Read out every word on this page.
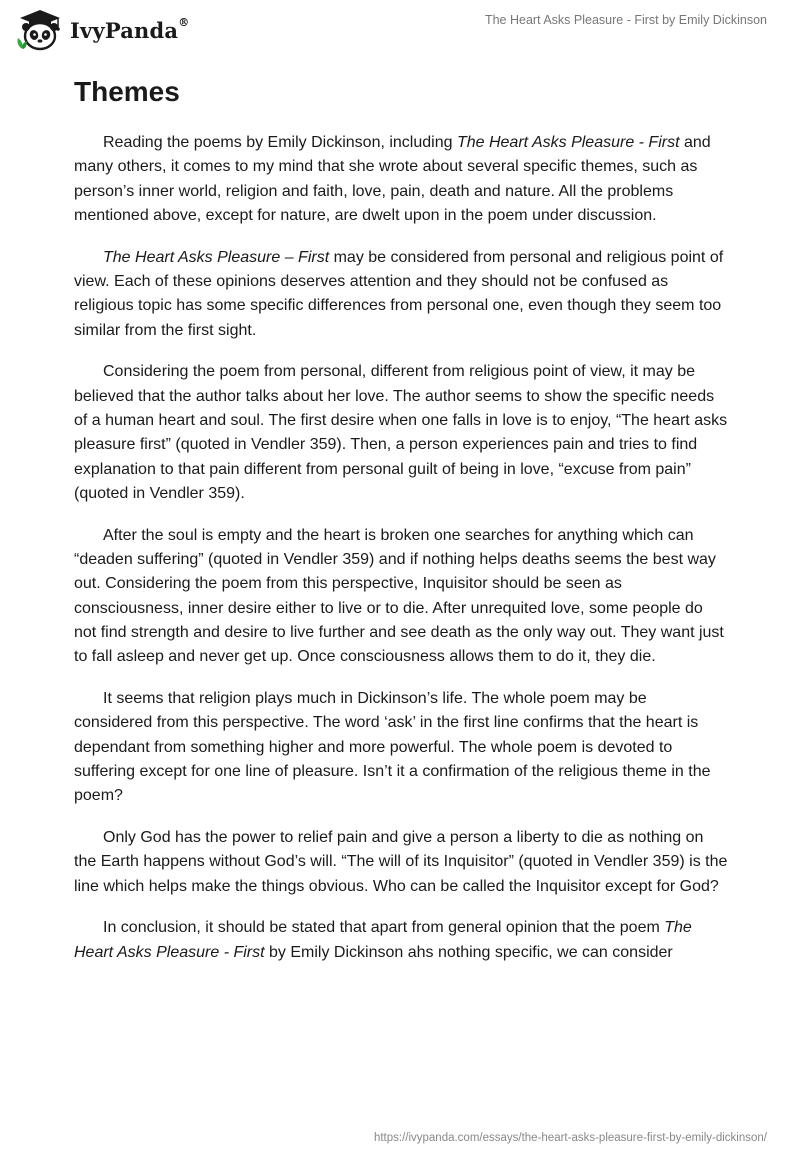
IvyPanda®	The Heart Asks Pleasure - First by Emily Dickinson
Themes

Reading the poems by Emily Dickinson, including The Heart Asks Pleasure - First and many others, it comes to my mind that she wrote about several specific themes, such as person’s inner world, religion and faith, love, pain, death and nature. All the problems mentioned above, except for nature, are dwelt upon in the poem under discussion.

The Heart Asks Pleasure – First may be considered from personal and religious point of view. Each of these opinions deserves attention and they should not be confused as religious topic has some specific differences from personal one, even though they seem too similar from the first sight.

Considering the poem from personal, different from religious point of view, it may be believed that the author talks about her love. The author seems to show the specific needs of a human heart and soul. The first desire when one falls in love is to enjoy, “The heart asks pleasure first” (quoted in Vendler 359). Then, a person experiences pain and tries to find explanation to that pain different from personal guilt of being in love, “excuse from pain” (quoted in Vendler 359).

After the soul is empty and the heart is broken one searches for anything which can “deaden suffering” (quoted in Vendler 359) and if nothing helps deaths seems the best way out. Considering the poem from this perspective, Inquisitor should be seen as consciousness, inner desire either to live or to die. After unrequited love, some people do not find strength and desire to live further and see death as the only way out. They want just to fall asleep and never get up. Once consciousness allows them to do it, they die.

It seems that religion plays much in Dickinson’s life. The whole poem may be considered from this perspective. The word ‘ask’ in the first line confirms that the heart is dependant from something higher and more powerful. The whole poem is devoted to suffering except for one line of pleasure. Isn’t it a confirmation of the religious theme in the poem?

Only God has the power to relief pain and give a person a liberty to die as nothing on the Earth happens without God’s will. “The will of its Inquisitor” (quoted in Vendler 359) is the line which helps make the things obvious. Who can be called the Inquisitor except for God?

In conclusion, it should be stated that apart from general opinion that the poem The Heart Asks Pleasure - First by Emily Dickinson ahs nothing specific, we can consider

https://ivypanda.com/essays/the-heart-asks-pleasure-first-by-emily-dickinson/
